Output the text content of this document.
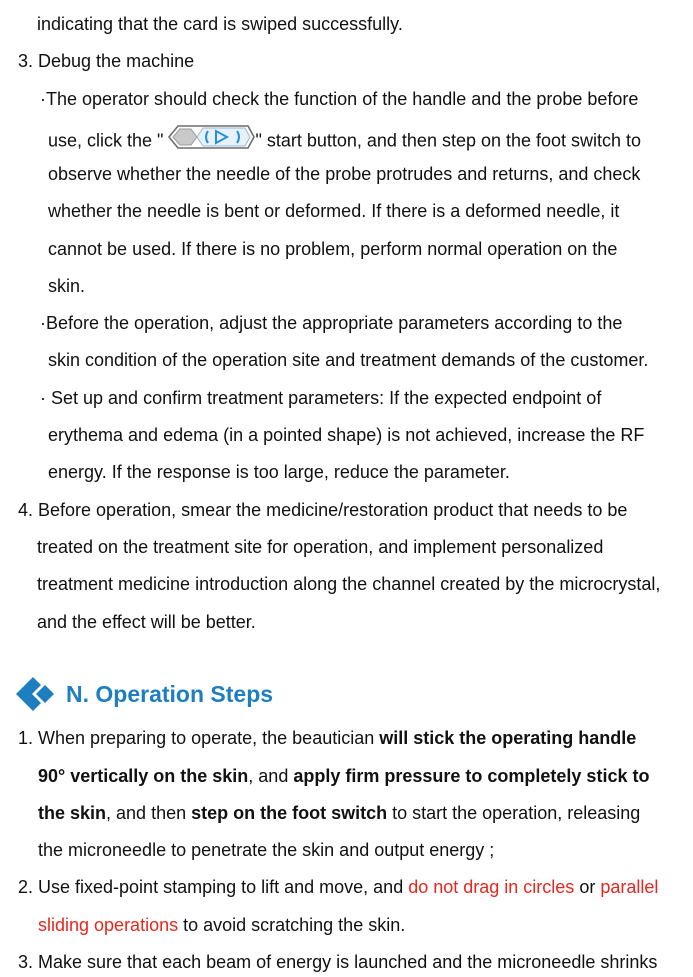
indicating that the card is swiped successfully.
3. Debug the machine
·The operator should check the function of the handle and the probe before
use, click the "	" start button, and then step on the foot switch to
observe whether the needle of the probe protrudes and returns, and check
whether the needle is bent or deformed. If there is a deformed needle, it
cannot be used. If there is no problem, perform normal operation on the
skin.
·Before the operation, adjust the appropriate parameters according to the
skin condition of the operation site and treatment demands of the customer.
· Set up and confirm treatment parameters: If the expected endpoint of
erythema and edema (in a pointed shape) is not achieved, increase the RF
energy. If the response is too large, reduce the parameter.
4. Before operation, smear the medicine/restoration product that needs to be
treated on the treatment site for operation, and implement personalized
treatment medicine introduction along the channel created by the microcrystal,
and the effect will be better.
N. Operation Steps
1. When preparing to operate, the beautician will stick the operating handle
90° vertically on the skin, and apply firm pressure to completely stick to
the skin, and then step on the foot switch to start the operation, releasing
the microneedle to penetrate the skin and output energy ;
2. Use fixed-point stamping to lift and move, and do not drag in circles or parallel
sliding operations to avoid scratching the skin.
3. Make sure that each beam of energy is launched and the microneedle shrinks
